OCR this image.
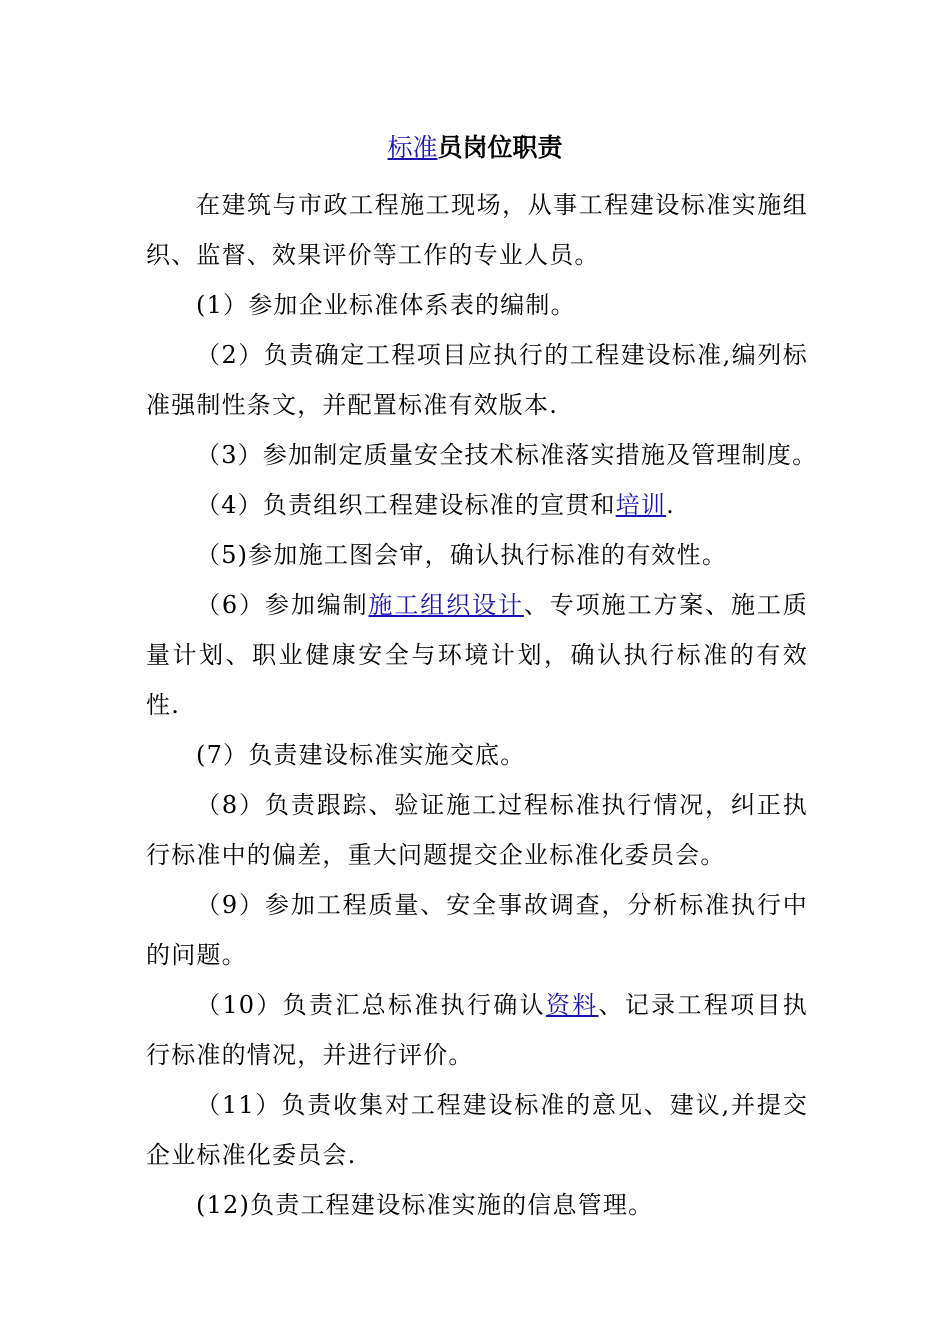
标准员岗位职责

在建筑与市政工程施工现场，从事工程建设标准实施组织、监督、效果评价等工作的专业人员。

(1）参加企业标准体系表的编制。

（2）负责确定工程项目应执行的工程建设标准,编列标准强制性条文，并配置标准有效版本.

（3）参加制定质量安全技术标准落实措施及管理制度。

（4）负责组织工程建设标准的宣贯和培训.

（5)参加施工图会审，确认执行标准的有效性。

（6）参加编制施工组织设计、专项施工方案、施工质量计划、职业健康安全与环境计划，确认执行标准的有效性.

(7）负责建设标准实施交底。

（8）负责跟踪、验证施工过程标准执行情况，纠正执行标准中的偏差，重大问题提交企业标准化委员会。

（9）参加工程质量、安全事故调查，分析标准执行中的问题。

（10）负责汇总标准执行确认资料、记录工程项目执行标准的情况，并进行评价。

（11）负责收集对工程建设标准的意见、建议,并提交企业标准化委员会.

(12)负责工程建设标准实施的信息管理。
